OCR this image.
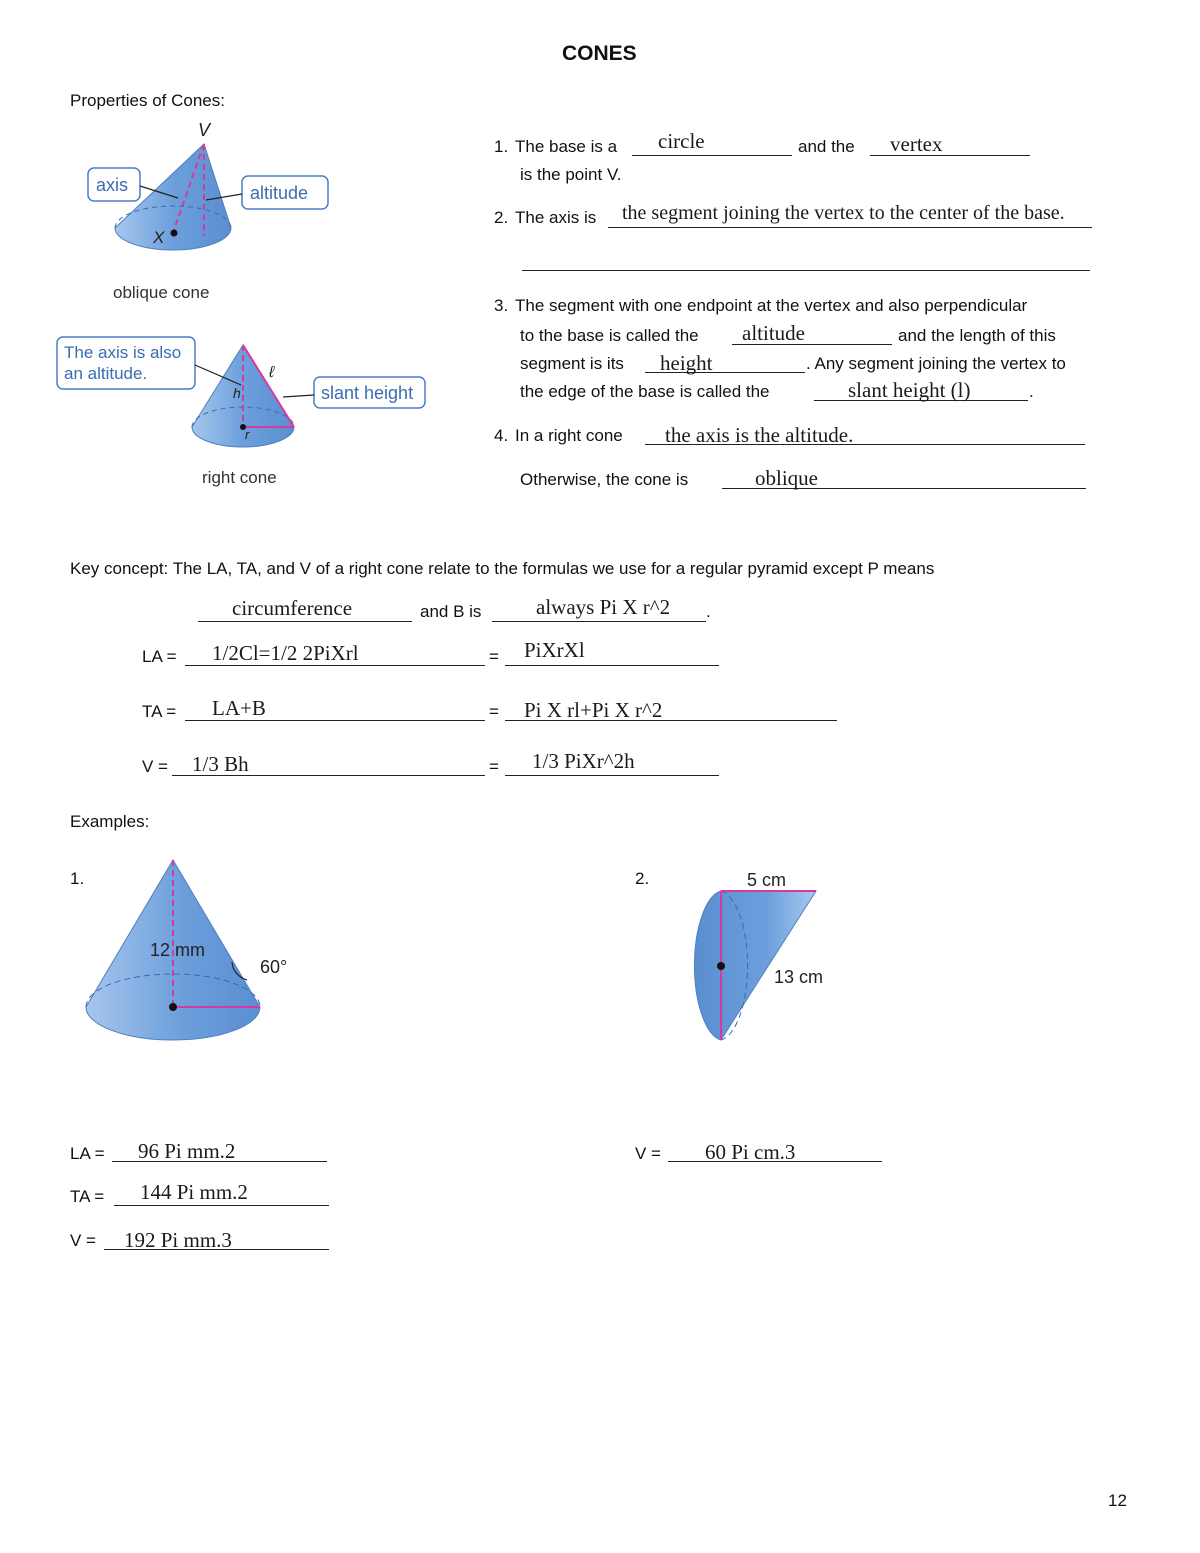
CONES
Properties of Cones:
V
X
axis	altitude
oblique cone
h
r
ℓ
The axis is also
an altitude.
slant height
right cone
1. The base is a circle	and the vertex
is the point V.
2. The axis is the segment joining the vertex to the center of the base.
3. The segment with one endpoint at the vertex and also perpendicular
to the base is called the altitude	and the length of this
segment is its height	. Any segment joining the vertex to
the edge of the base is called the	slant height (l)	.
4. In a right cone the axis is the altitude.
Otherwise, the cone is	oblique
Key concept: The LA, TA, and V of a right cone relate to the formulas we use for a regular pyramid except P means
circumference	and B is	always Pi X r^2 .
LA = 1/2Cl=1/2 2PiXrl	= PiXrXl
TA = LA+B	= Pi X rl+Pi X r^2
V = 1/3 Bh	= 1/3 PiXr^2h
Examples:
1.	2.
12 mm
60°
5 cm
13 cm
LA = 96 Pi mm.2
TA = 144 Pi mm.2
V = 192 Pi mm.3
V = 60 Pi cm.3
12
